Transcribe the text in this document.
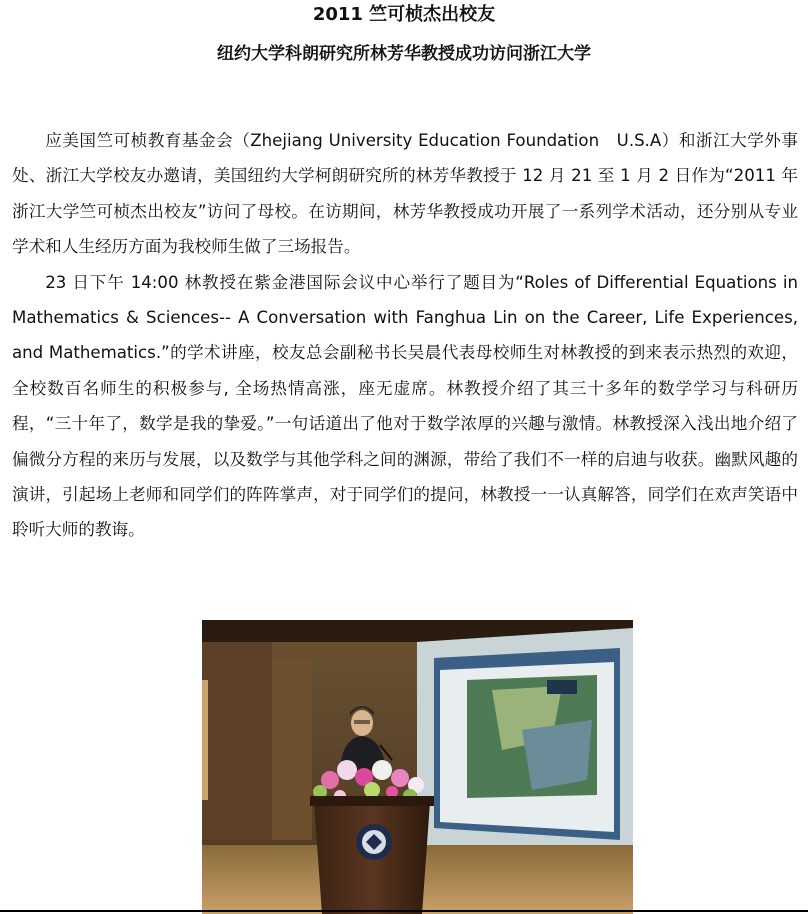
2011 竺可桢杰出校友
纽约大学科朗研究所林芳华教授成功访问浙江大学

应美国竺可桢教育基金会（Zhejiang University Education Foundation　U.S.A）和浙江大学外事处、浙江大学校友办邀请，美国纽约大学柯朗研究所的林芳华教授于 12 月 21 至 1 月 2 日作为“2011 年浙江大学竺可桢杰出校友”访问了母校。在访期间，林芳华教授成功开展了一系列学术活动，还分别从专业学术和人生经历方面为我校师生做了三场报告。

23 日下午 14:00 林教授在紫金港国际会议中心举行了题目为“Roles of Differential Equations in Mathematics & Sciences-- A Conversation with Fanghua Lin on the Career, Life Experiences, and Mathematics.”的学术讲座，校友总会副秘书长吴晨代表母校师生对林教授的到来表示热烈的欢迎，全校数百名师生的积极参与, 全场热情高涨，座无虚席。林教授介绍了其三十多年的数学学习与科研历程，“三十年了，数学是我的挚爱。”一句话道出了他对于数学浓厚的兴趣与激情。林教授深入浅出地介绍了偏微分方程的来历与发展，以及数学与其他学科之间的渊源，带给了我们不一样的启迪与收获。幽默风趣的演讲，引起场上老师和同学们的阵阵掌声，对于同学们的提问，林教授一一认真解答，同学们在欢声笑语中聆听大师的教诲。
